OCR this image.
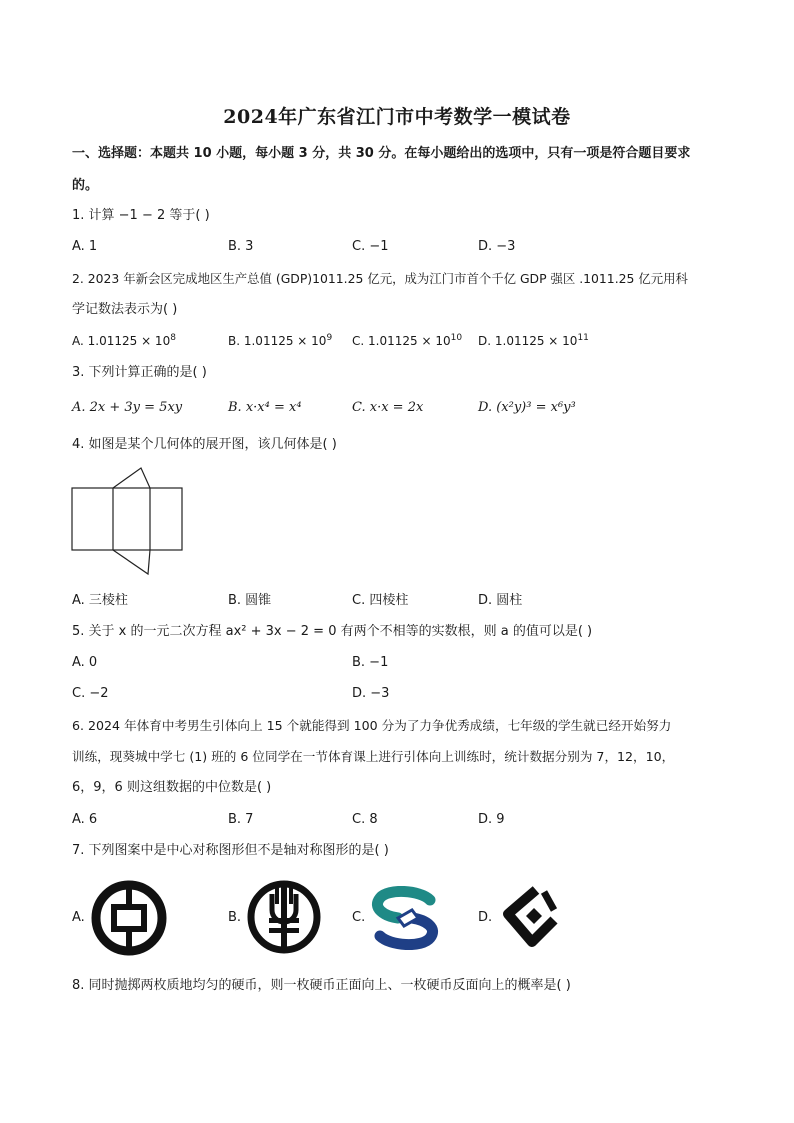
2024年广东省江门市中考数学一模试卷
一、选择题：本题共 10 小题，每小题 3 分，共 30 分。在每小题给出的选项中，只有一项是符合题目要求
的。
1. 计算 −1 − 2 等于( )
A. 1	B. 3	C. −1	D. −3
2. 2023 年新会区完成地区生产总值 (GDP)1011.25 亿元，成为江门市首个千亿 GDP 强区 .1011.25 亿元用科
学记数法表示为( )
A. $1.01125 \times 10^8$	B. $1.01125 \times 10^9$ C. $1.01125 \times 10^{10}$ D. $1.01125 \times 10^{11}$
3. 下列计算正确的是( )
A. 2x + 3y = 5xy	B. x·x⁴ = x⁴	C. x·x = 2x	D. (x²y)³ = x⁶y³
4. 如图是某个几何体的展开图，该几何体是( )
A. 三棱柱	B. 圆锥	C. 四棱柱	D. 圆柱
5. 关于 x 的一元二次方程 ax² + 3x − 2 = 0 有两个不相等的实数根，则 a 的值可以是( )
A. 0	B. −1
C. −2	D. −3
6. 2024 年体育中考男生引体向上 15 个就能得到 100 分为了力争优秀成绩，七年级的学生就已经开始努力
训练，现葵城中学七 (1) 班的 6 位同学在一节体育课上进行引体向上训练时，统计数据分别为 7，12，10，
6，9，6 则这组数据的中位数是( )
A. 6	B. 7	C. 8	D. 9
7. 下列图案中是中心对称图形但不是轴对称图形的是( )
A.	B.	C.	D.
8. 同时抛掷两枚质地均匀的硬币，则一枚硬币正面向上、一枚硬币反面向上的概率是( )
